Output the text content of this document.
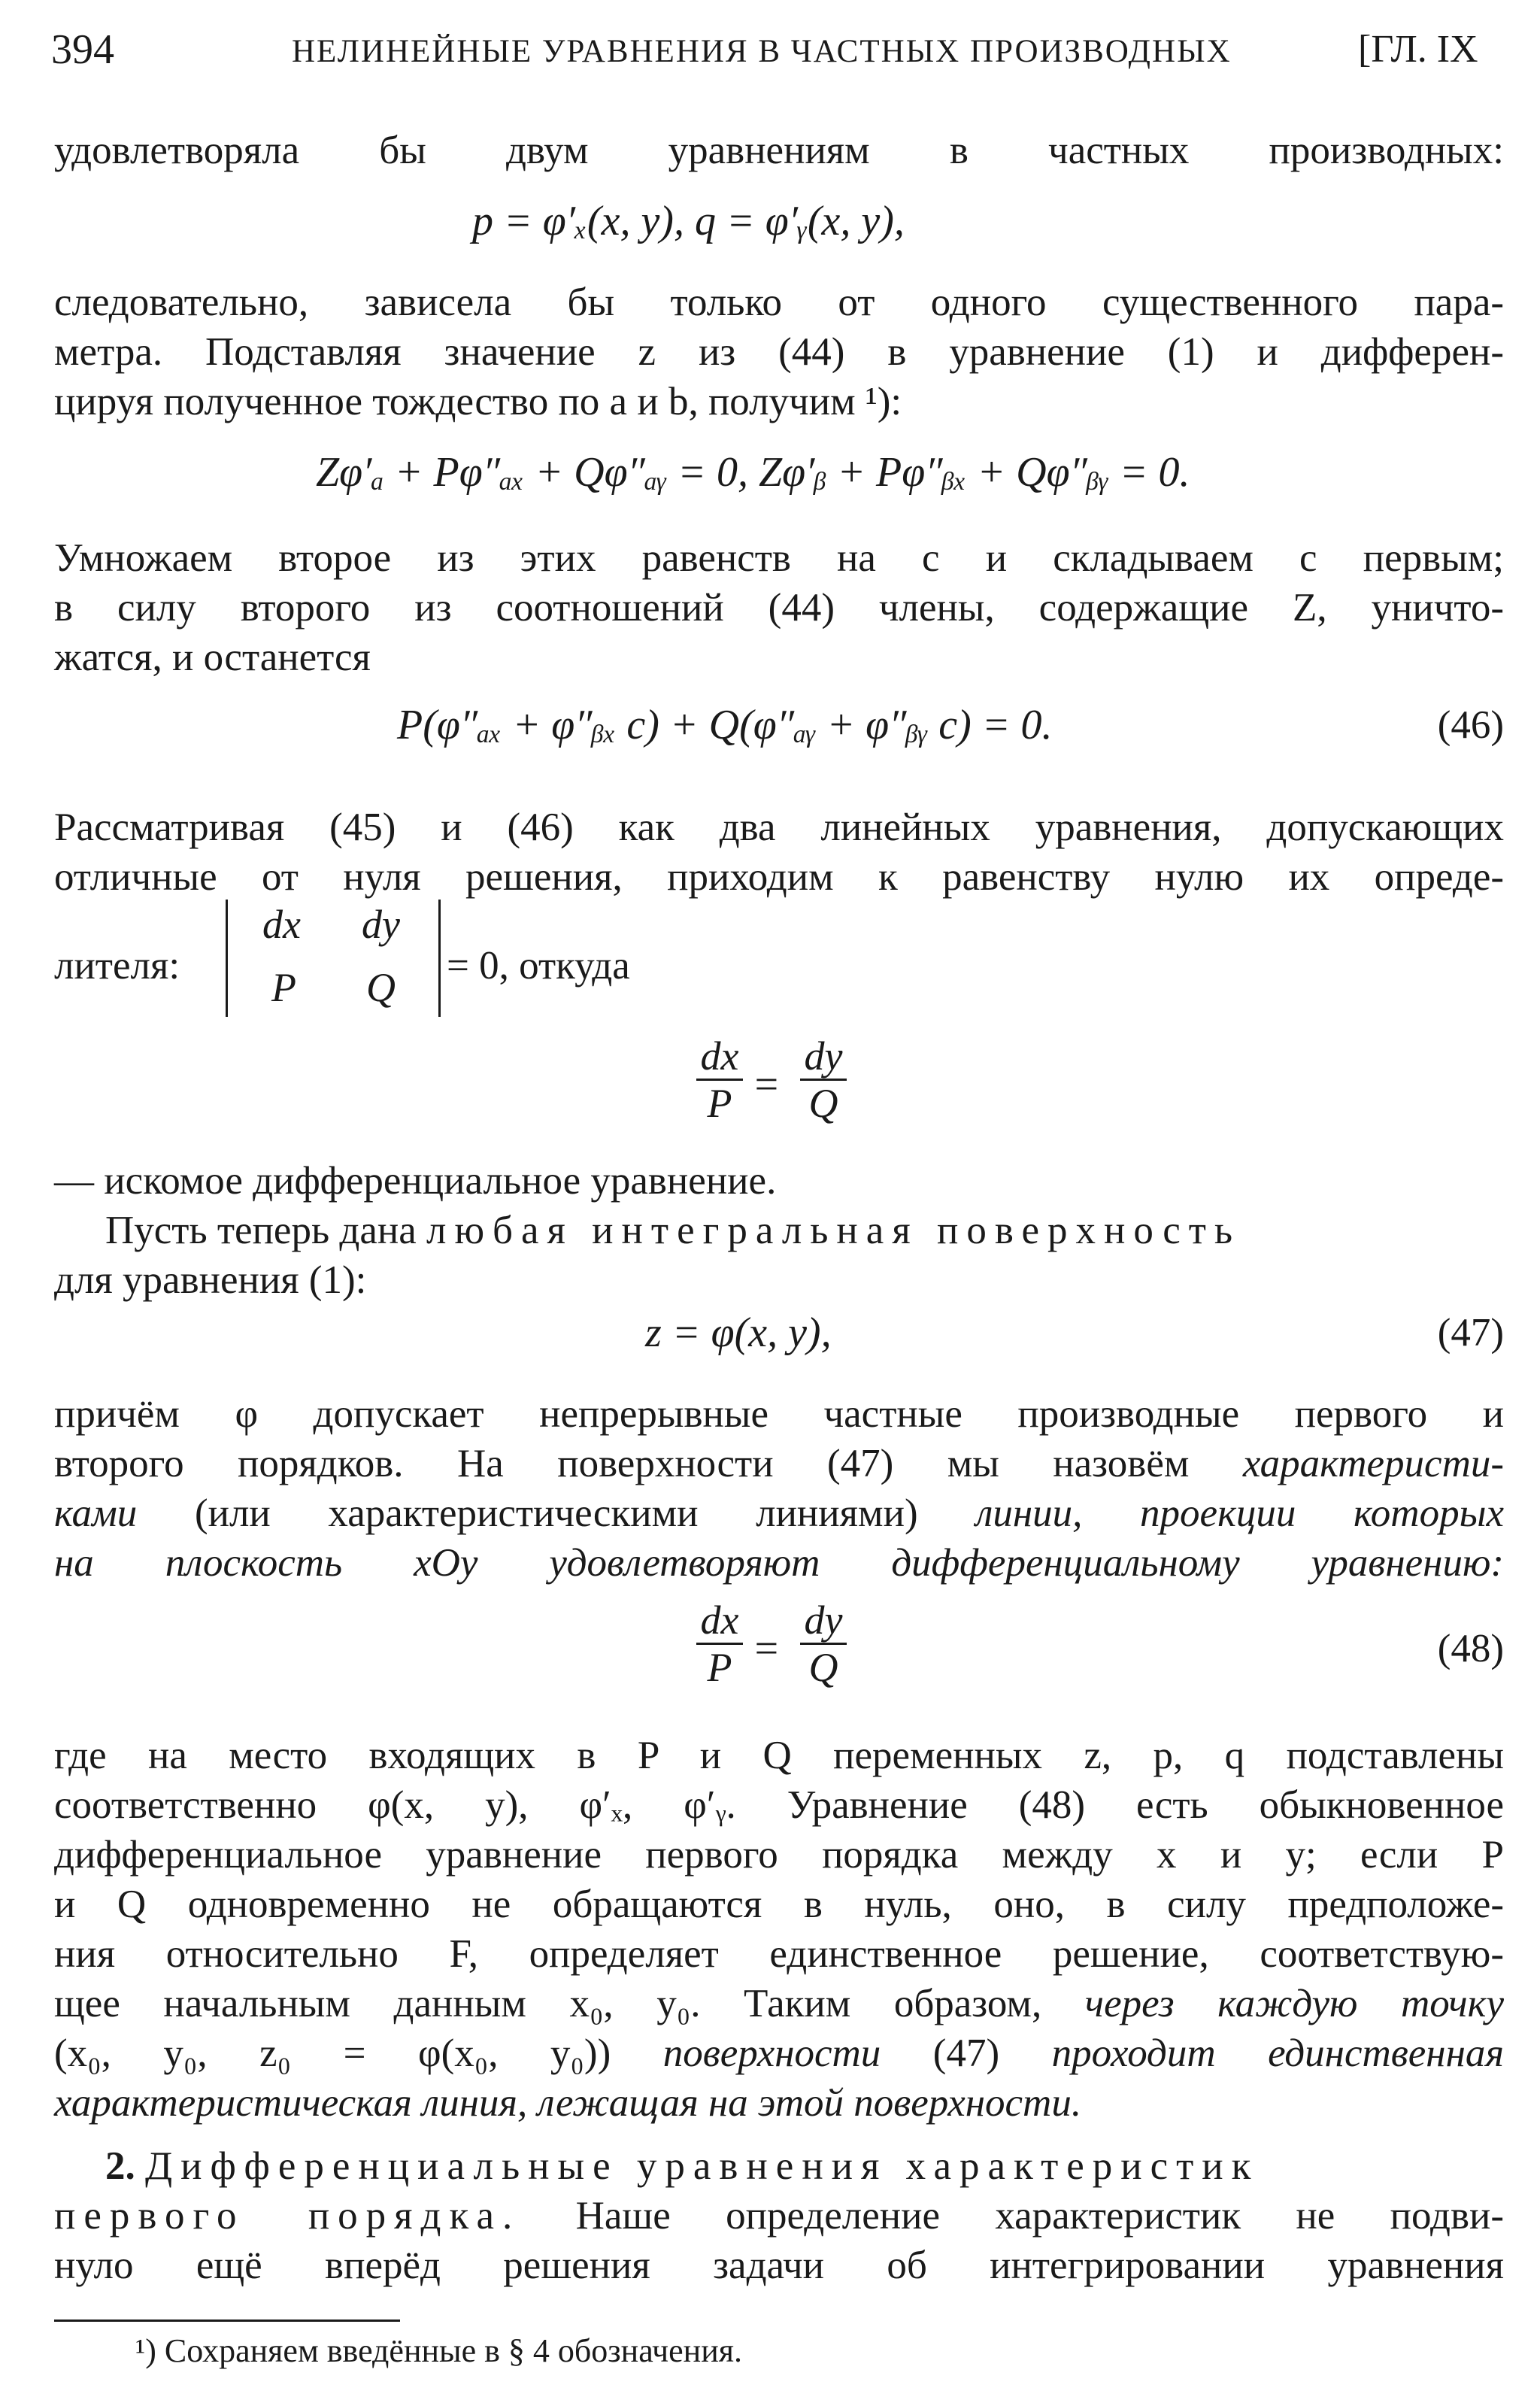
394	НЕЛИНЕЙНЫЕ УРАВНЕНИЯ В ЧАСТНЫХ ПРОИЗВОДНЫХ	[ГЛ. IX
удовлетворяла бы двум уравнениям в частных производных:
p = φ′ₓ(x, y), q = φ′ᵧ(x, y),
следовательно, зависела бы только от одного существенного пара-
метра. Подставляя значение z из (44) в уравнение (1) и дифферен-
цируя полученное тождество по a и b, получим ¹):
Zφ′ₐ + Pφ″ₐₓ + Qφ″ₐᵧ = 0, Zφ′ᵦ + Pφ″ᵦₓ + Qφ″ᵦᵧ = 0.
Умножаем второе из этих равенств на c и складываем с первым;
в силу второго из соотношений (44) члены, содержащие Z, уничто-
жатся, и останется
P(φ″ₐₓ + φ″ᵦₓ c) + Q(φ″ₐᵧ + φ″ᵦᵧ c) = 0.	(46)
Рассматривая (45) и (46) как два линейных уравнения, допускающих
отличные от нуля решения, приходим к равенству нулю их опреде-
лителя:
dx dy
P Q = 0, откуда
$\frac{dx}{P} = \frac{dy}{Q}$
— искомое дифференциальное уравнение.
Пусть теперь дана любая интегральная поверхность
для уравнения (1):
z = φ(x, y),	(47)
причём φ допускает непрерывные частные производные первого и
второго порядков. На поверхности (47) мы назовём характеристи-
ками (или характеристическими линиями) линии, проекции которых
на плоскость xOy удовлетворяют дифференциальному уравнению:
$\frac{dx}{P} = \frac{dy}{Q}$	(48)
где на место входящих в P и Q переменных z, p, q подставлены
соответственно φ(x, y), φ′ₓ, φ′ᵧ. Уравнение (48) есть обыкновенное
дифференциальное уравнение первого порядка между x и y; если P
и Q одновременно не обращаются в нуль, оно, в силу предположе-
ния относительно F, определяет единственное решение, соответствую-
щее начальным данным x₀, y₀. Таким образом, через каждую точку
(x₀, y₀, z₀ = φ(x₀, y₀)) поверхности (47) проходит единственная
характеристическая линия, лежащая на этой поверхности.
2. Дифференциальные уравнения характеристик
первого порядка. Наше определение характеристик не подви-
нуло ещё вперёд решения задачи об интегрировании уравнения
¹) Сохраняем введённые в § 4 обозначения.
